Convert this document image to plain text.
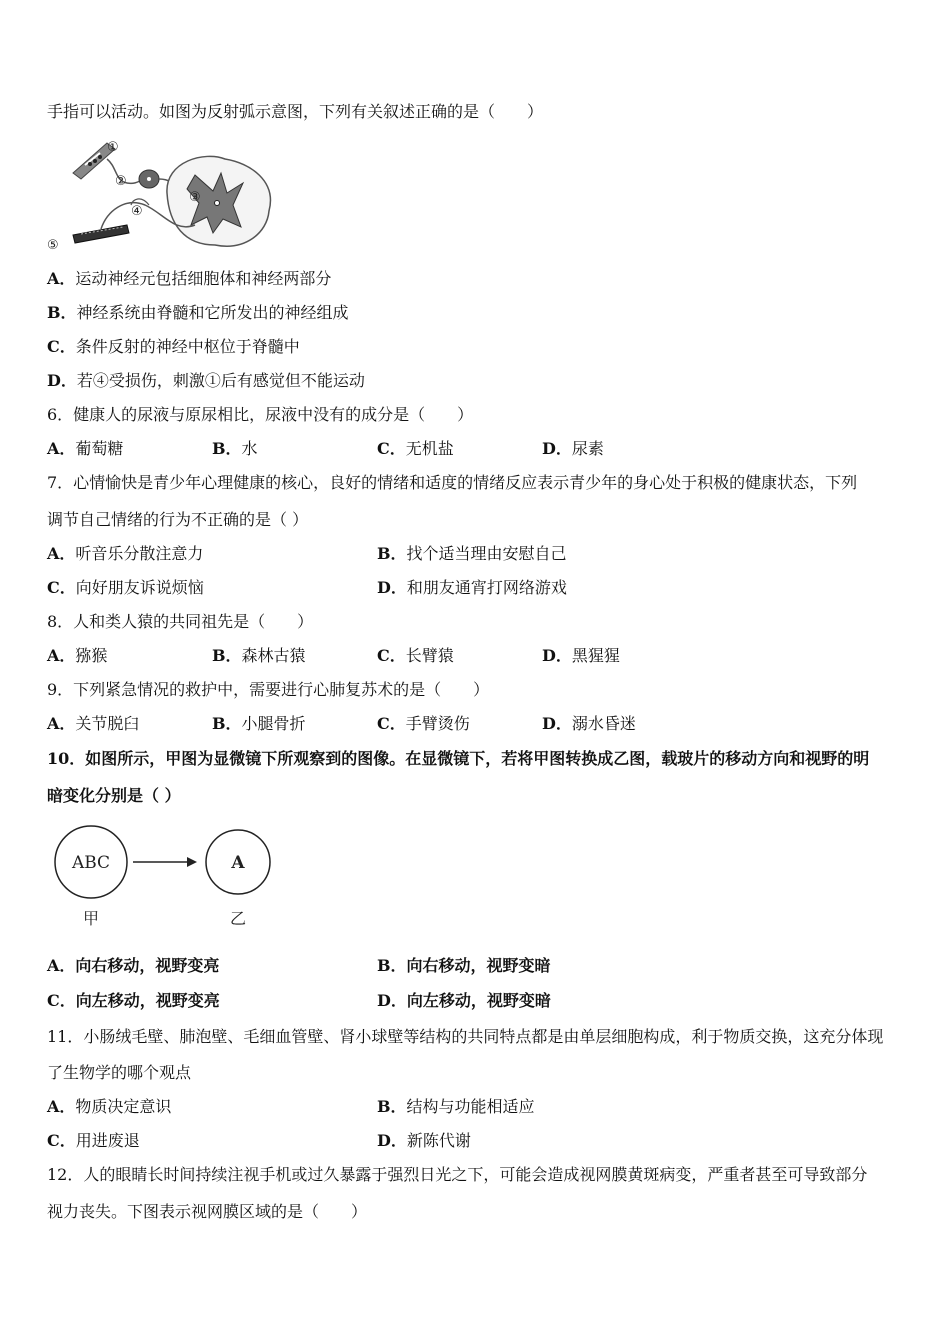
手指可以活动。如图为反射弧示意图，下列有关叙述正确的是（　　）
①
②
③
④
⑤
A．运动神经元包括细胞体和神经两部分
B．神经系统由脊髓和它所发出的神经组成
C．条件反射的神经中枢位于脊髓中
D．若④受损伤，刺激①后有感觉但不能运动
6．健康人的尿液与原尿相比，尿液中没有的成分是（　　）
A．葡萄糖	B．水	C．无机盐	D．尿素
7．心情愉快是青少年心理健康的核心，良好的情绪和适度的情绪反应表示青少年的身心处于积极的健康状态，下列
调节自己情绪的行为不正确的是（ ）
A．听音乐分散注意力	B．找个适当理由安慰自己
C．向好朋友诉说烦恼	D．和朋友通宵打网络游戏
8．人和类人猿的共同祖先是（　　）
A．猕猴	B．森林古猿	C．长臂猿	D．黑猩猩
9．下列紧急情况的救护中，需要进行心肺复苏术的是（　　）
A．关节脱臼	B．小腿骨折	C．手臂烫伤	D．溺水昏迷
10．如图所示，甲图为显微镜下所观察到的图像。在显微镜下，若将甲图转换成乙图，载玻片的移动方向和视野的明
暗变化分别是（ ）
ABC	A
甲	乙
A．向右移动，视野变亮	B．向右移动，视野变暗
C．向左移动，视野变亮	D．向左移动，视野变暗
11．小肠绒毛壁、肺泡壁、毛细血管壁、肾小球壁等结构的共同特点都是由单层细胞构成，利于物质交换，这充分体现
了生物学的哪个观点
A．物质决定意识	B．结构与功能相适应
C．用进废退	D．新陈代谢
12．人的眼睛长时间持续注视手机或过久暴露于强烈日光之下，可能会造成视网膜黄斑病变，严重者甚至可导致部分
视力丧失。下图表示视网膜区域的是（　　）
